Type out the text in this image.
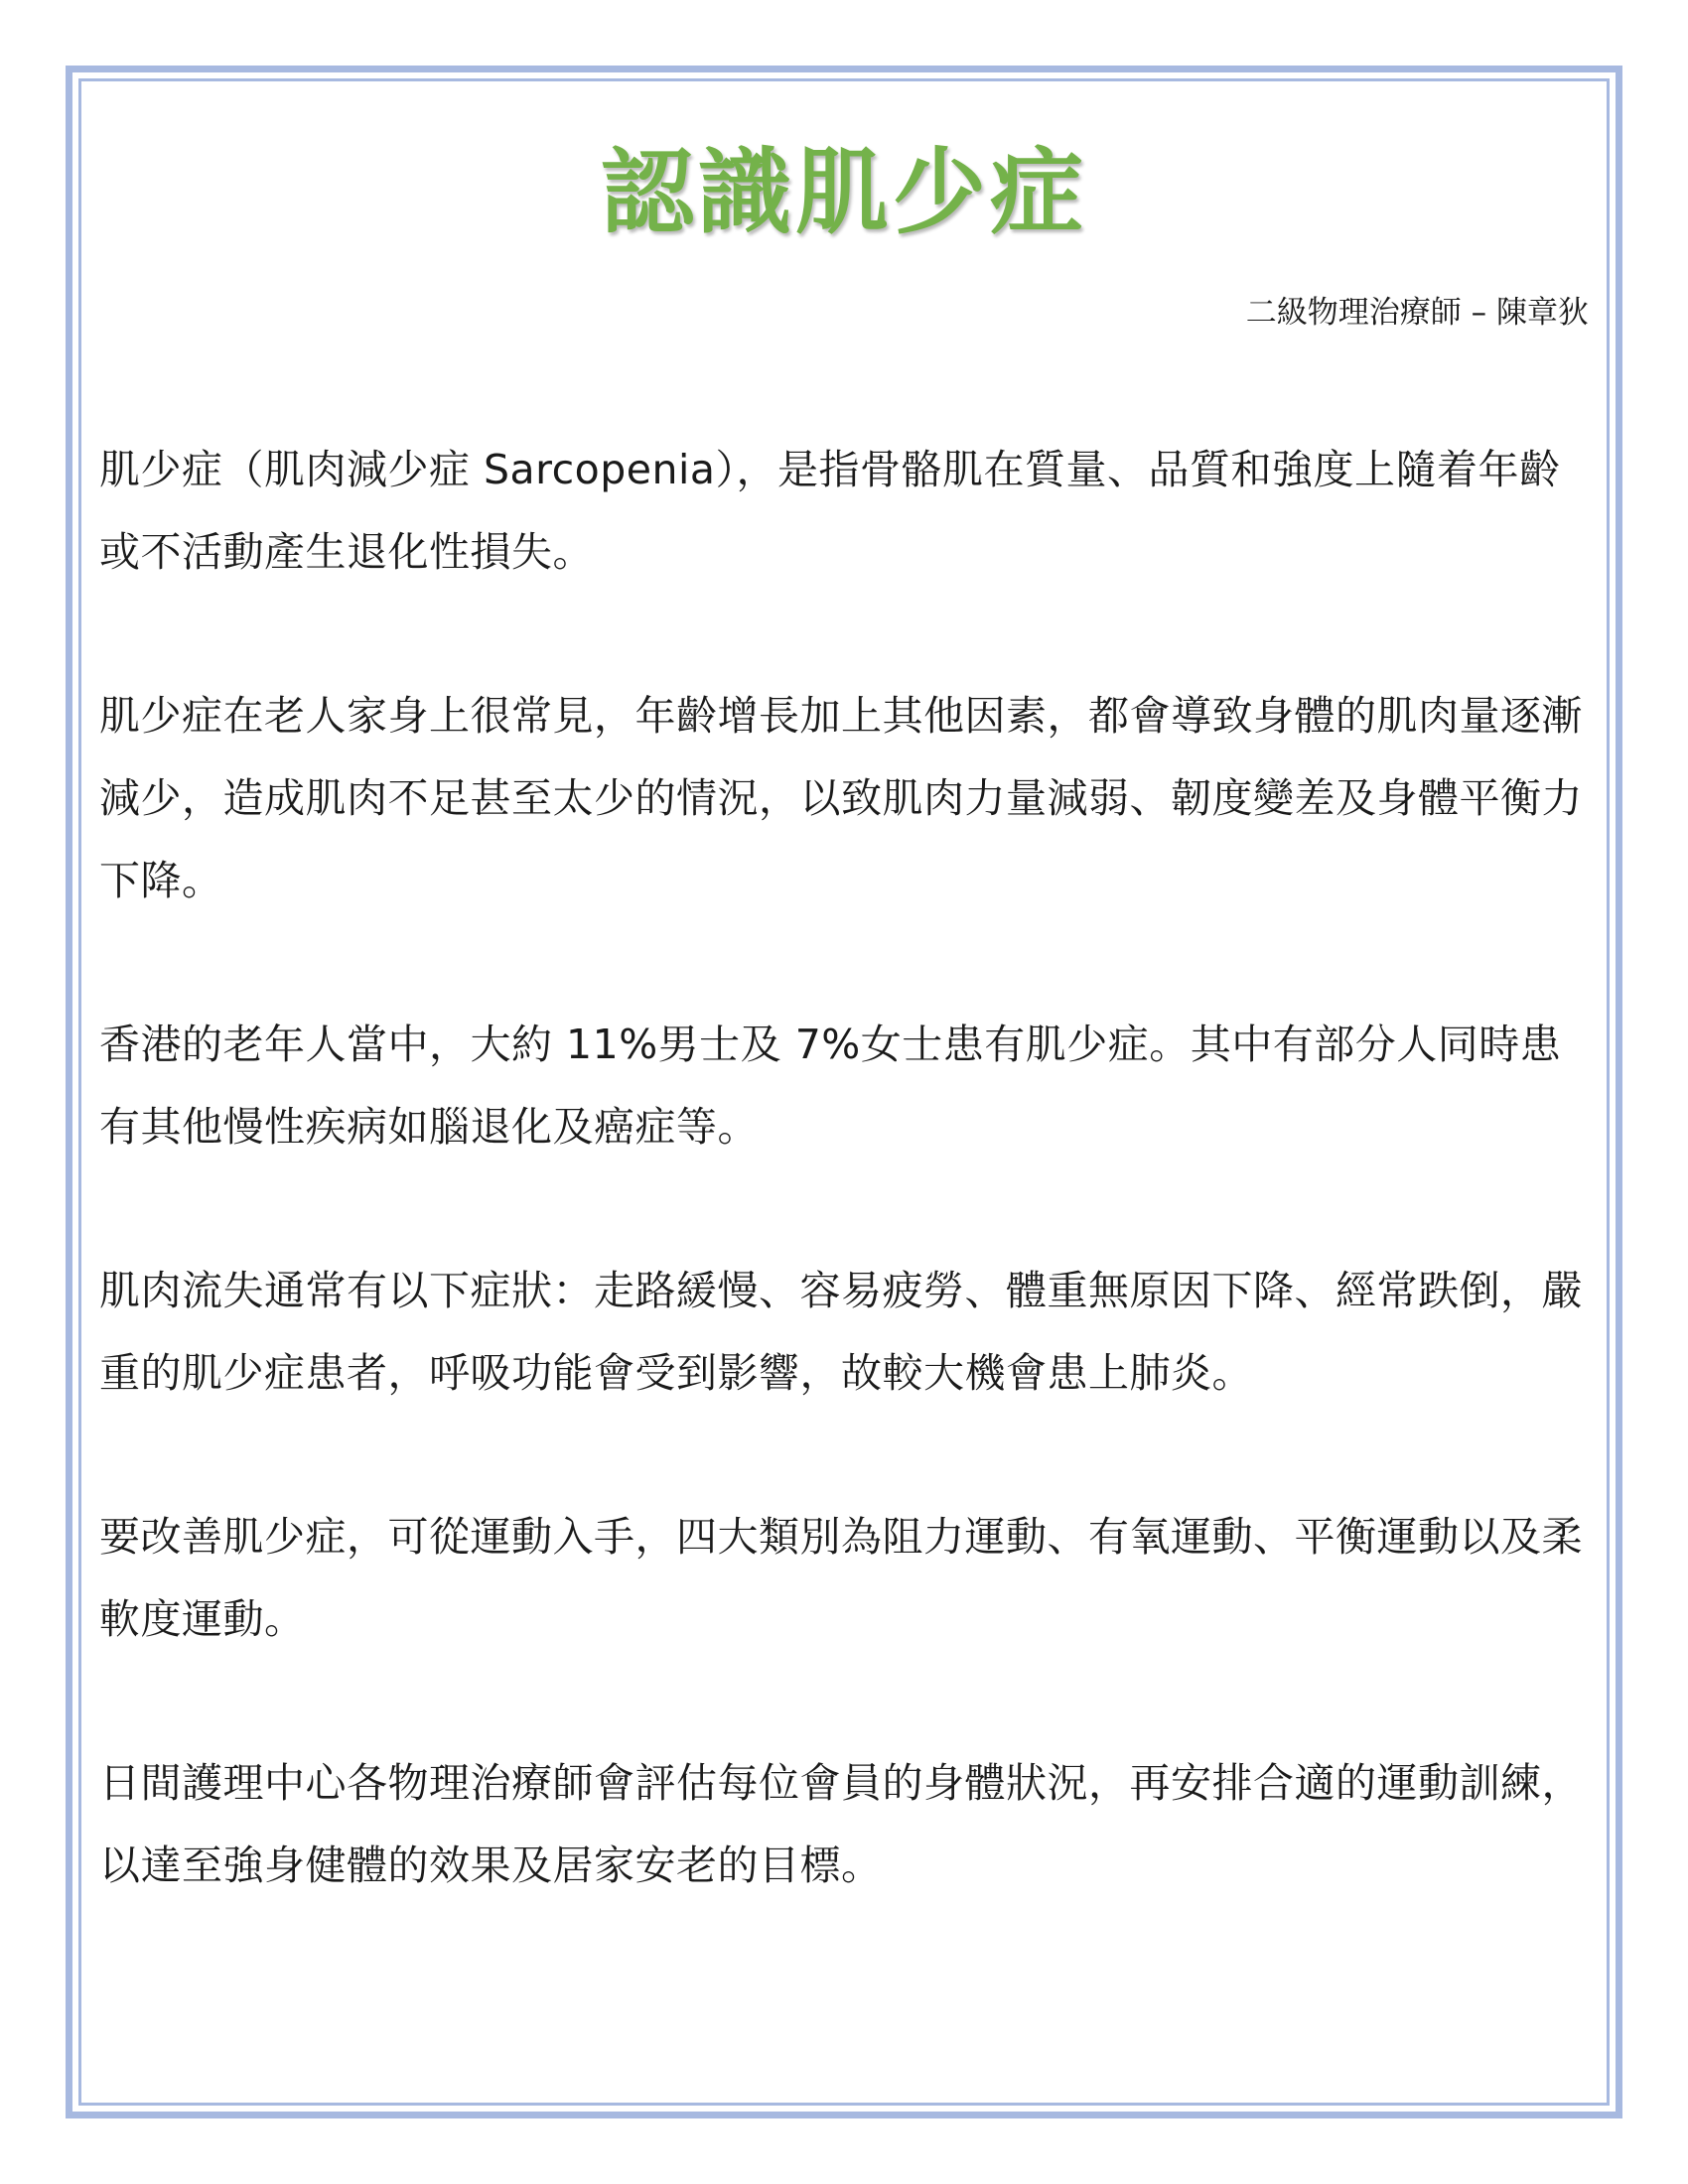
認識肌少症

二級物理治療師 – 陳章狄

肌少症（肌肉減少症 Sarcopenia），是指骨骼肌在質量、品質和強度上隨着年齡或不活動產生退化性損失。

肌少症在老人家身上很常見，年齡增長加上其他因素，都會導致身體的肌肉量逐漸減少，造成肌肉不足甚至太少的情況，以致肌肉力量減弱、韌度變差及身體平衡力下降。

香港的老年人當中，大約 11%男士及 7%女士患有肌少症。其中有部分人同時患有其他慢性疾病如腦退化及癌症等。

肌肉流失通常有以下症狀：走路緩慢、容易疲勞、體重無原因下降、經常跌倒，嚴重的肌少症患者，呼吸功能會受到影響，故較大機會患上肺炎。

要改善肌少症，可從運動入手，四大類別為阻力運動、有氧運動、平衡運動以及柔軟度運動。

日間護理中心各物理治療師會評估每位會員的身體狀況，再安排合適的運動訓練，以達至強身健體的效果及居家安老的目標。
